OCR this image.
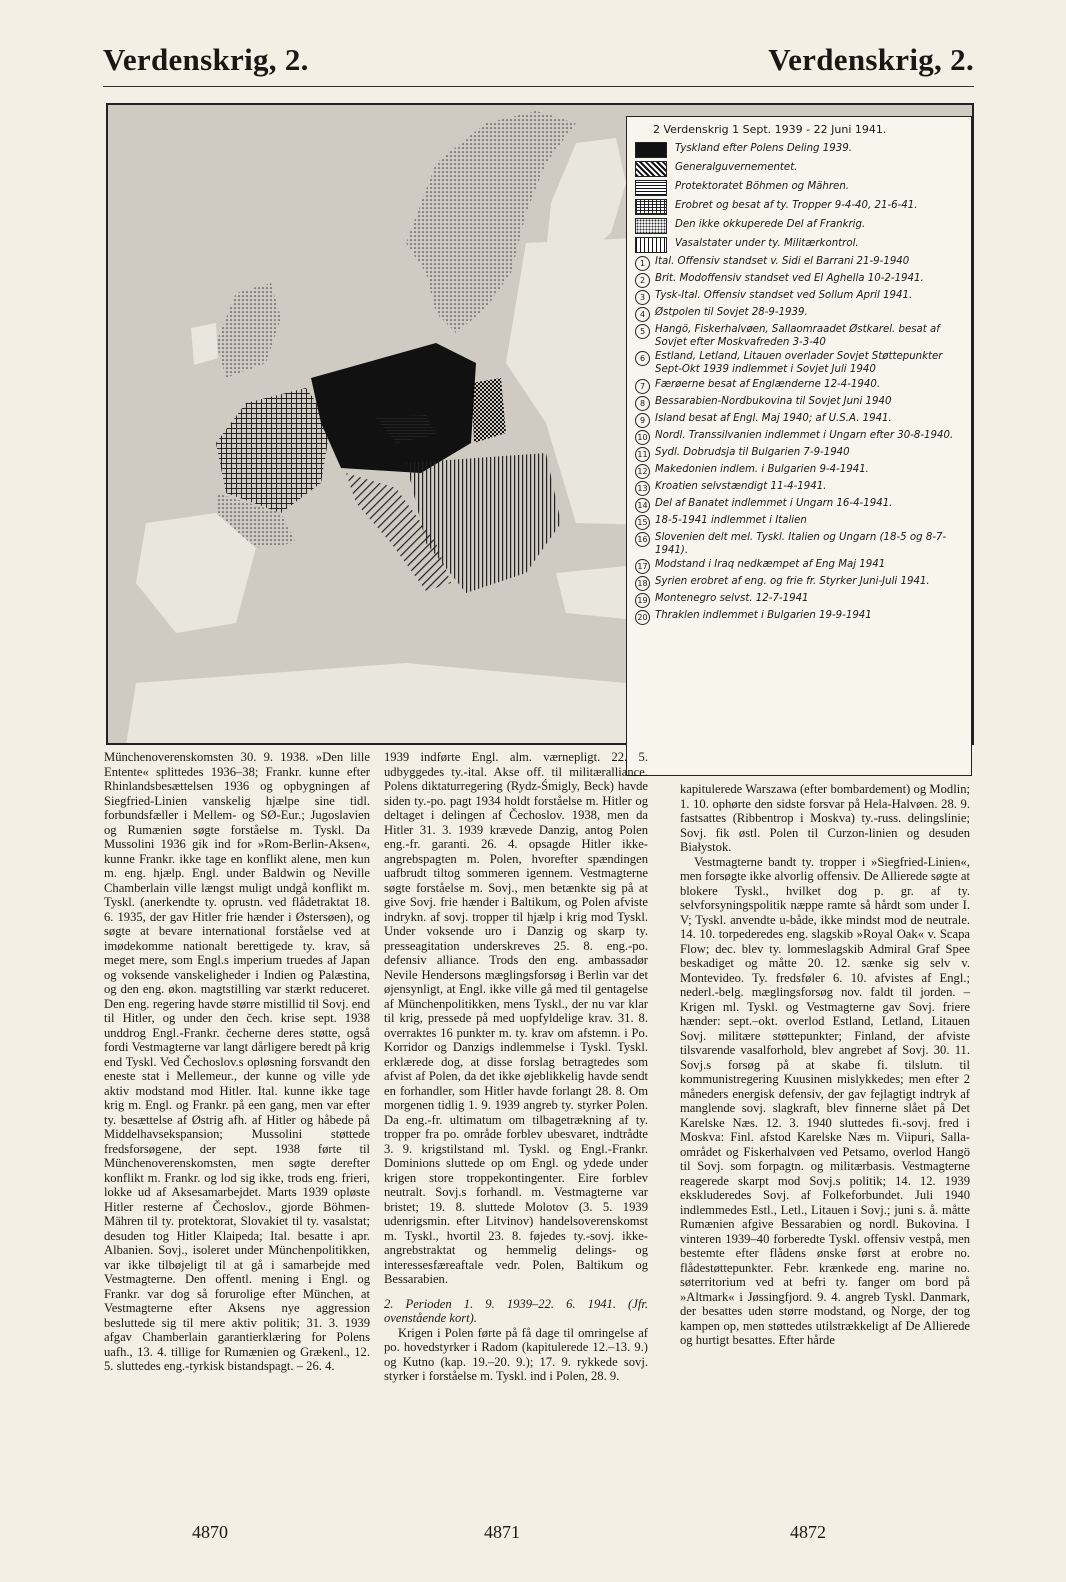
Verdenskrig, 2.	Verdenskrig, 2.
2 Verdenskrig 1 Sept. 1939 - 22 Juni 1941.
Tyskland efter Polens Deling 1939.
Generalguvernementet.
Protektoratet Böhmen og Mähren.
Erobret og besat af ty. Tropper 9-4-40, 21-6-41.
Den ikke okkuperede Del af Frankrig.
Vasalstater under ty. Militærkontrol.
1 Ital. Offensiv standset v. Sidi el Barrani 21-9-1940
2 Brit. Modoffensiv standset ved El Aghella 10-2-1941.
3 Tysk-Ital. Offensiv standset ved Sollum April 1941.
4 Østpolen til Sovjet 28-9-1939.
5 Hangö, Fiskerhalvøen, Sallaomraadet Østkarel. besat af Sovjet efter Moskvafreden 3-3-40
6 Estland, Letland, Litauen overlader Sovjet Støttepunkter Sept-Okt 1939 indlemmet i Sovjet Juli 1940
7 Færøerne besat af Englænderne 12-4-1940.
8 Bessarabien-Nordbukovina til Sovjet Juni 1940
9 Island besat af Engl. Maj 1940; af U.S.A. 1941.
10 Nordl. Transsilvanien indlemmet i Ungarn efter 30-8-1940.
11 Sydl. Dobrudsja til Bulgarien 7-9-1940
12 Makedonien indlem. i Bulgarien 9-4-1941.
13 Kroatien selvstændigt 11-4-1941.
14 Del af Banatet indlemmet i Ungarn 16-4-1941.
15 18-5-1941 indlemmet i Italien
16 Slovenien delt mel. Tyskl. Italien og Ungarn (18-5 og 8-7-1941).
17 Modstand i Iraq nedkæmpet af Eng Maj 1941
18 Syrien erobret af eng. og frie fr. Styrker Juni-Juli 1941.
19 Montenegro selvst. 12-7-1941
20 Thraklen indlemmet i Bulgarien 19-9-1941

Münchenoverenskomsten 30. 9. 1938. »Den lille Entente« splittedes 1936–38; Frankr. kunne efter Rhinlandsbesættelsen 1936 og opbygningen af Siegfried-Linien vanskelig hjælpe sine tidl. forbundsfæller i Mellem- og SØ-Eur.; Jugoslavien og Rumænien søgte forståelse m. Tyskl. Da Mussolini 1936 gik ind for »Rom-Berlin-Aksen«, kunne Frankr. ikke tage en konflikt alene, men kun m. eng. hjælp. Engl. under Baldwin og Neville Chamberlain ville længst muligt undgå konflikt m. Tyskl. (anerkendte ty. oprustn. ved flådetraktat 18. 6. 1935, der gav Hitler frie hænder i Østersøen), og søgte at bevare international forståelse ved at imødekomme nationalt berettigede ty. krav, så meget mere, som Engl.s imperium truedes af Japan og voksende vanskeligheder i Indien og Palæstina, og den eng. økon. magtstilling var stærkt reduceret. Den eng. regering havde større mistillid til Sovj. end til Hitler, og under den čech. krise sept. 1938 unddrog Engl.-Frankr. čecherne deres støtte, også fordi Vestmagterne var langt dårligere beredt på krig end Tyskl. Ved Čechoslov.s opløsning forsvandt den eneste stat i Mellemeur., der kunne og ville yde aktiv modstand mod Hitler. Ital. kunne ikke tage krig m. Engl. og Frankr. på een gang, men var efter ty. besættelse af Østrig afh. af Hitler og håbede på Middelhavsekspansion; Mussolini støttede fredsforsøgene, der sept. 1938 førte til Münchenoverenskomsten, men søgte derefter konflikt m. Frankr. og lod sig ikke, trods eng. frieri, lokke ud af Aksesamarbejdet. Marts 1939 opløste Hitler resterne af Čechoslov., gjorde Böhmen-Mähren til ty. protektorat, Slovakiet til ty. vasalstat; desuden tog Hitler Klaipeda; Ital. besatte i apr. Albanien. Sovj., isoleret under Münchenpolitikken, var ikke tilbøjeligt til at gå i samarbejde med Vestmagterne. Den offentl. mening i Engl. og Frankr. var dog så forurolige efter München, at Vestmagterne efter Aksens nye aggression besluttede sig til mere aktiv politik; 31. 3. 1939 afgav Chamberlain garantierklæring for Polens uafh., 13. 4. tillige for Rumænien og Grækenl., 12. 5. sluttedes eng.-tyrkisk bistandspagt. – 26. 4.

1939 indførte Engl. alm. værnepligt. 22. 5. udbyggedes ty.-ital. Akse off. til militæralliance. Polens diktaturregering (Rydz-Śmigly, Beck) havde siden ty.-po. pagt 1934 holdt forståelse m. Hitler og deltaget i delingen af Čechoslov. 1938, men da Hitler 31. 3. 1939 krævede Danzig, antog Polen eng.-fr. garanti. 26. 4. opsagde Hitler ikke-angrebspagten m. Polen, hvorefter spændingen uafbrudt tiltog sommeren igennem. Vestmagterne søgte forståelse m. Sovj., men betænkte sig på at give Sovj. frie hænder i Baltikum, og Polen afviste indrykn. af sovj. tropper til hjælp i krig mod Tyskl. Under voksende uro i Danzig og skarp ty. presseagitation underskreves 25. 8. eng.-po. defensiv alliance. Trods den eng. ambassadør Nevile Hendersons mæglingsforsøg i Berlin var det øjensynligt, at Engl. ikke ville gå med til gentagelse af Münchenpolitikken, mens Tyskl., der nu var klar til krig, pressede på med uopfyldelige krav. 31. 8. overraktes 16 punkter m. ty. krav om afstemn. i Po. Korridor og Danzigs indlemmelse i Tyskl. Tyskl. erklærede dog, at disse forslag betragtedes som afvist af Polen, da det ikke øjeblikkelig havde sendt en forhandler, som Hitler havde forlangt 28. 8. Om morgenen tidlig 1. 9. 1939 angreb ty. styrker Polen. Da eng.-fr. ultimatum om tilbagetrækning af ty. tropper fra po. område forblev ubesvaret, indtrådte 3. 9. krigstilstand ml. Tyskl. og Engl.-Frankr. Dominions sluttede op om Engl. og ydede under krigen store troppekontingenter. Eire forblev neutralt. Sovj.s forhandl. m. Vestmagterne var bristet; 19. 8. sluttede Molotov (3. 5. 1939 udenrigsmin. efter Litvinov) handelsoverenskomst m. Tyskl., hvortil 23. 8. føjedes ty.-sovj. ikke-angrebstraktat og hemmelig delings- og interessesfæreaftale vedr. Polen, Baltikum og Bessarabien.

2. Perioden 1. 9. 1939–22. 6. 1941. (Jfr. ovenstående kort).

Krigen i Polen førte på få dage til omringelse af po. hovedstyrker i Radom (kapitulerede 12.–13. 9.) og Kutno (kap. 19.–20. 9.); 17. 9. rykkede sovj. styrker i forståelse m. Tyskl. ind i Polen, 28. 9.

kapitulerede Warszawa (efter bombardement) og Modlin; 1. 10. ophørte den sidste forsvar på Hela-Halvøen. 28. 9. fastsattes (Ribbentrop i Moskva) ty.-russ. delingslinie; Sovj. fik østl. Polen til Curzon-linien og desuden Białystok.

Vestmagterne bandt ty. tropper i »Siegfried-Linien«, men forsøgte ikke alvorlig offensiv. De Allierede søgte at blokere Tyskl., hvilket dog p. gr. af ty. selvforsyningspolitik næppe ramte så hårdt som under I. V; Tyskl. anvendte u-både, ikke mindst mod de neutrale. 14. 10. torpederedes eng. slagskib »Royal Oak« v. Scapa Flow; dec. blev ty. lommeslagskib Admiral Graf Spee beskadiget og måtte 20. 12. sænke sig selv v. Montevideo. Ty. fredsføler 6. 10. afvistes af Engl.; nederl.-belg. mæglingsforsøg nov. faldt til jorden. – Krigen ml. Tyskl. og Vestmagterne gav Sovj. friere hænder: sept.–okt. overlod Estland, Letland, Litauen Sovj. militære støttepunkter; Finland, der afviste tilsvarende vasalforhold, blev angrebet af Sovj. 30. 11. Sovj.s forsøg på at skabe fi. tilslutn. til kommunistregering Kuusinen mislykkedes; men efter 2 måneders energisk defensiv, der gav fejlagtigt indtryk af manglende sovj. slagkraft, blev finnerne slået på Det Karelske Næs. 12. 3. 1940 sluttedes fi.-sovj. fred i Moskva: Finl. afstod Karelske Næs m. Viipuri, Salla-området og Fiskerhalvøen ved Petsamo, overlod Hangö til Sovj. som forpagtn. og militærbasis. Vestmagterne reagerede skarpt mod Sovj.s politik; 14. 12. 1939 ekskluderedes Sovj. af Folkeforbundet. Juli 1940 indlemmedes Estl., Letl., Litauen i Sovj.; juni s. å. måtte Rumænien afgive Bessarabien og nordl. Bukovina. I vinteren 1939–40 forberedte Tyskl. offensiv vestpå, men bestemte efter flådens ønske først at erobre no. flådestøttepunkter. Febr. krænkede eng. marine no. søterritorium ved at befri ty. fanger om bord på »Altmark« i Jøssingfjord. 9. 4. angreb Tyskl. Danmark, der besattes uden større modstand, og Norge, der tog kampen op, men støttedes utilstrækkeligt af De Allierede og hurtigt besattes. Efter hårde

4870	4871	4872
